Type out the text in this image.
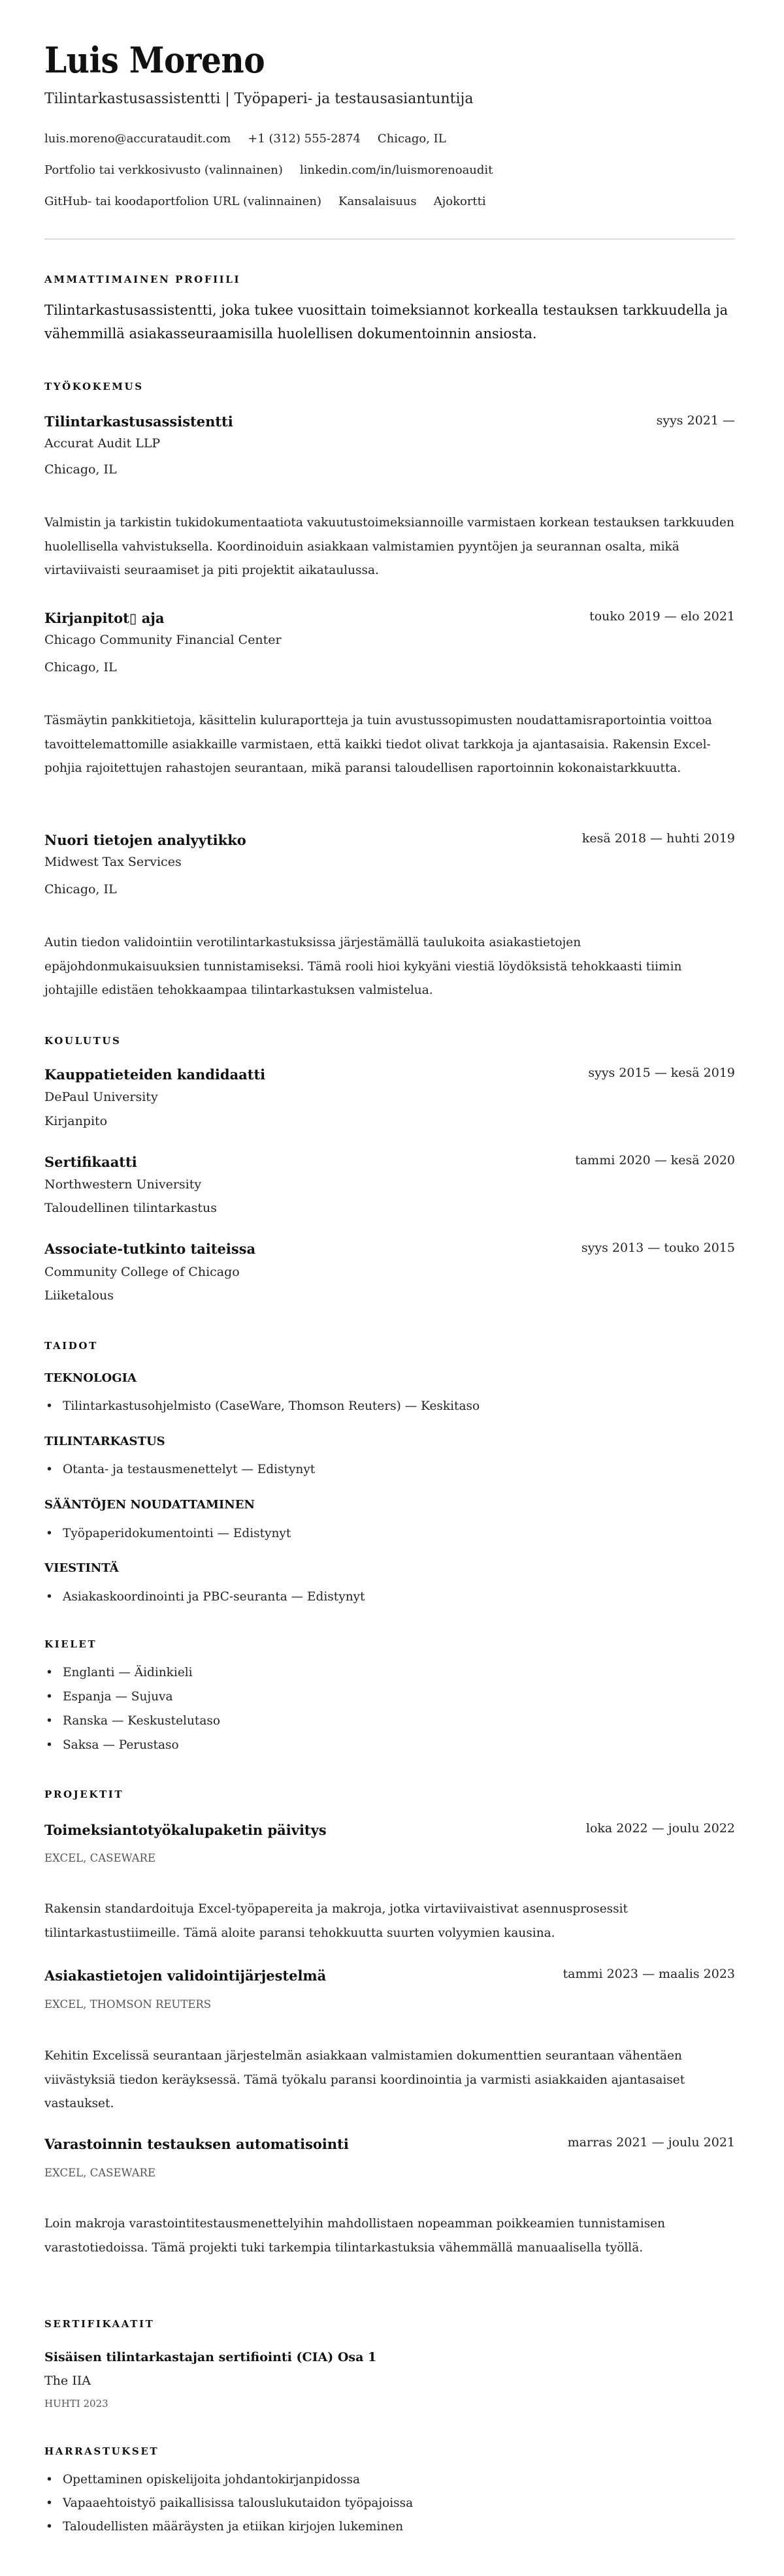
Luis Moreno
Tilintarkastusassistentti | Työpaperi- ja testausasiantuntija
luis.moreno@accurataudit.com +1 (312) 555-2874 Chicago, IL
Portfolio tai verkkosivusto (valinnainen) linkedin.com/in/luismorenoaudit
GitHub- tai koodaportfolion URL (valinnainen) Kansalaisuus Ajokortti
AMMATTIMAINEN PROFIILI
Tilintarkastusassistentti, joka tukee vuosittain toimeksiannot korkealla testauksen tarkkuudella ja vähemmillä asiakasseuraamisilla huolellisen dokumentoinnin ansiosta.
TYÖKOKEMUS
Tilintarkastusassistentti	syys 2021 —
Accurat Audit LLP
Chicago, IL
Valmistin ja tarkistin tukidokumentaatiota vakuutustoimeksiannoille varmistaen korkean testauksen tarkkuuden huolellisella vahvistuksella. Koordinoiduin asiakkaan valmistamien pyyntöjen ja seurannan osalta, mikä virtaviivaisti seuraamiset ja piti projektit aikataulussa.
Kirjanpitot▯ aja	touko 2019 — elo 2021
Chicago Community Financial Center
Chicago, IL
Täsmäytin pankkitietoja, käsittelin kuluraportteja ja tuin avustussopimusten noudattamisraportointia voittoa tavoittelemattomille asiakkaille varmistaen, että kaikki tiedot olivat tarkkoja ja ajantasaisia. Rakensin Excel-pohjia rajoitettujen rahastojen seurantaan, mikä paransi taloudellisen raportoinnin kokonaistarkkuutta.
Nuori tietojen analyytikko	kesä 2018 — huhti 2019
Midwest Tax Services
Chicago, IL
Autin tiedon validointiin verotilintarkastuksissa järjestämällä taulukoita asiakastietojen epäjohdonmukaisuuksien tunnistamiseksi. Tämä rooli hioi kykyäni viestiä löydöksistä tehokkaasti tiimin johtajille edistäen tehokkaampaa tilintarkastuksen valmistelua.
KOULUTUS
Kauppatieteiden kandidaatti	syys 2015 — kesä 2019
DePaul University
Kirjanpito
Sertifikaatti	tammi 2020 — kesä 2020
Northwestern University
Taloudellinen tilintarkastus
Associate-tutkinto taiteissa	syys 2013 — touko 2015
Community College of Chicago
Liiketalous
TAIDOT
TEKNOLOGIA
• Tilintarkastusohjelmisto (CaseWare, Thomson Reuters) — Keskitaso
TILINTARKASTUS
• Otanta- ja testausmenettelyt — Edistynyt
SÄÄNTÖJEN NOUDATTAMINEN
• Työpaperidokumentointi — Edistynyt
VIESTINTÄ
• Asiakaskoordinointi ja PBC-seuranta — Edistynyt
KIELET
• Englanti — Äidinkieli
• Espanja — Sujuva
• Ranska — Keskustelutaso
• Saksa — Perustaso
PROJEKTIT
Toimeksiantotyökalupaketin päivitys	loka 2022 — joulu 2022
EXCEL, CASEWARE
Rakensin standardoituja Excel-työpapereita ja makroja, jotka virtaviivaistivat asennusprosessit tilintarkastustiimeille. Tämä aloite paransi tehokkuutta suurten volyymien kausina.
Asiakastietojen validointijärjestelmä	tammi 2023 — maalis 2023
EXCEL, THOMSON REUTERS
Kehitin Excelissä seurantaan järjestelmän asiakkaan valmistamien dokumenttien seurantaan vähentäen viivästyksiä tiedon keräyksessä. Tämä työkalu paransi koordinointia ja varmisti asiakkaiden ajantasaiset vastaukset.
Varastoinnin testauksen automatisointi	marras 2021 — joulu 2021
EXCEL, CASEWARE
Loin makroja varastointitestausmenettelyihin mahdollistaen nopeamman poikkeamien tunnistamisen varastotiedoissa. Tämä projekti tuki tarkempia tilintarkastuksia vähemmällä manuaalisella työllä.
SERTIFIKAATIT
Sisäisen tilintarkastajan sertifiointi (CIA) Osa 1
The IIA
HUHTI 2023
HARRASTUKSET
• Opettaminen opiskelijoita johdantokirjanpidossa
• Vapaaehtoistyö paikallisissa talouslukutaidon työpajoissa
• Taloudellisten määräysten ja etiikan kirjojen lukeminen
